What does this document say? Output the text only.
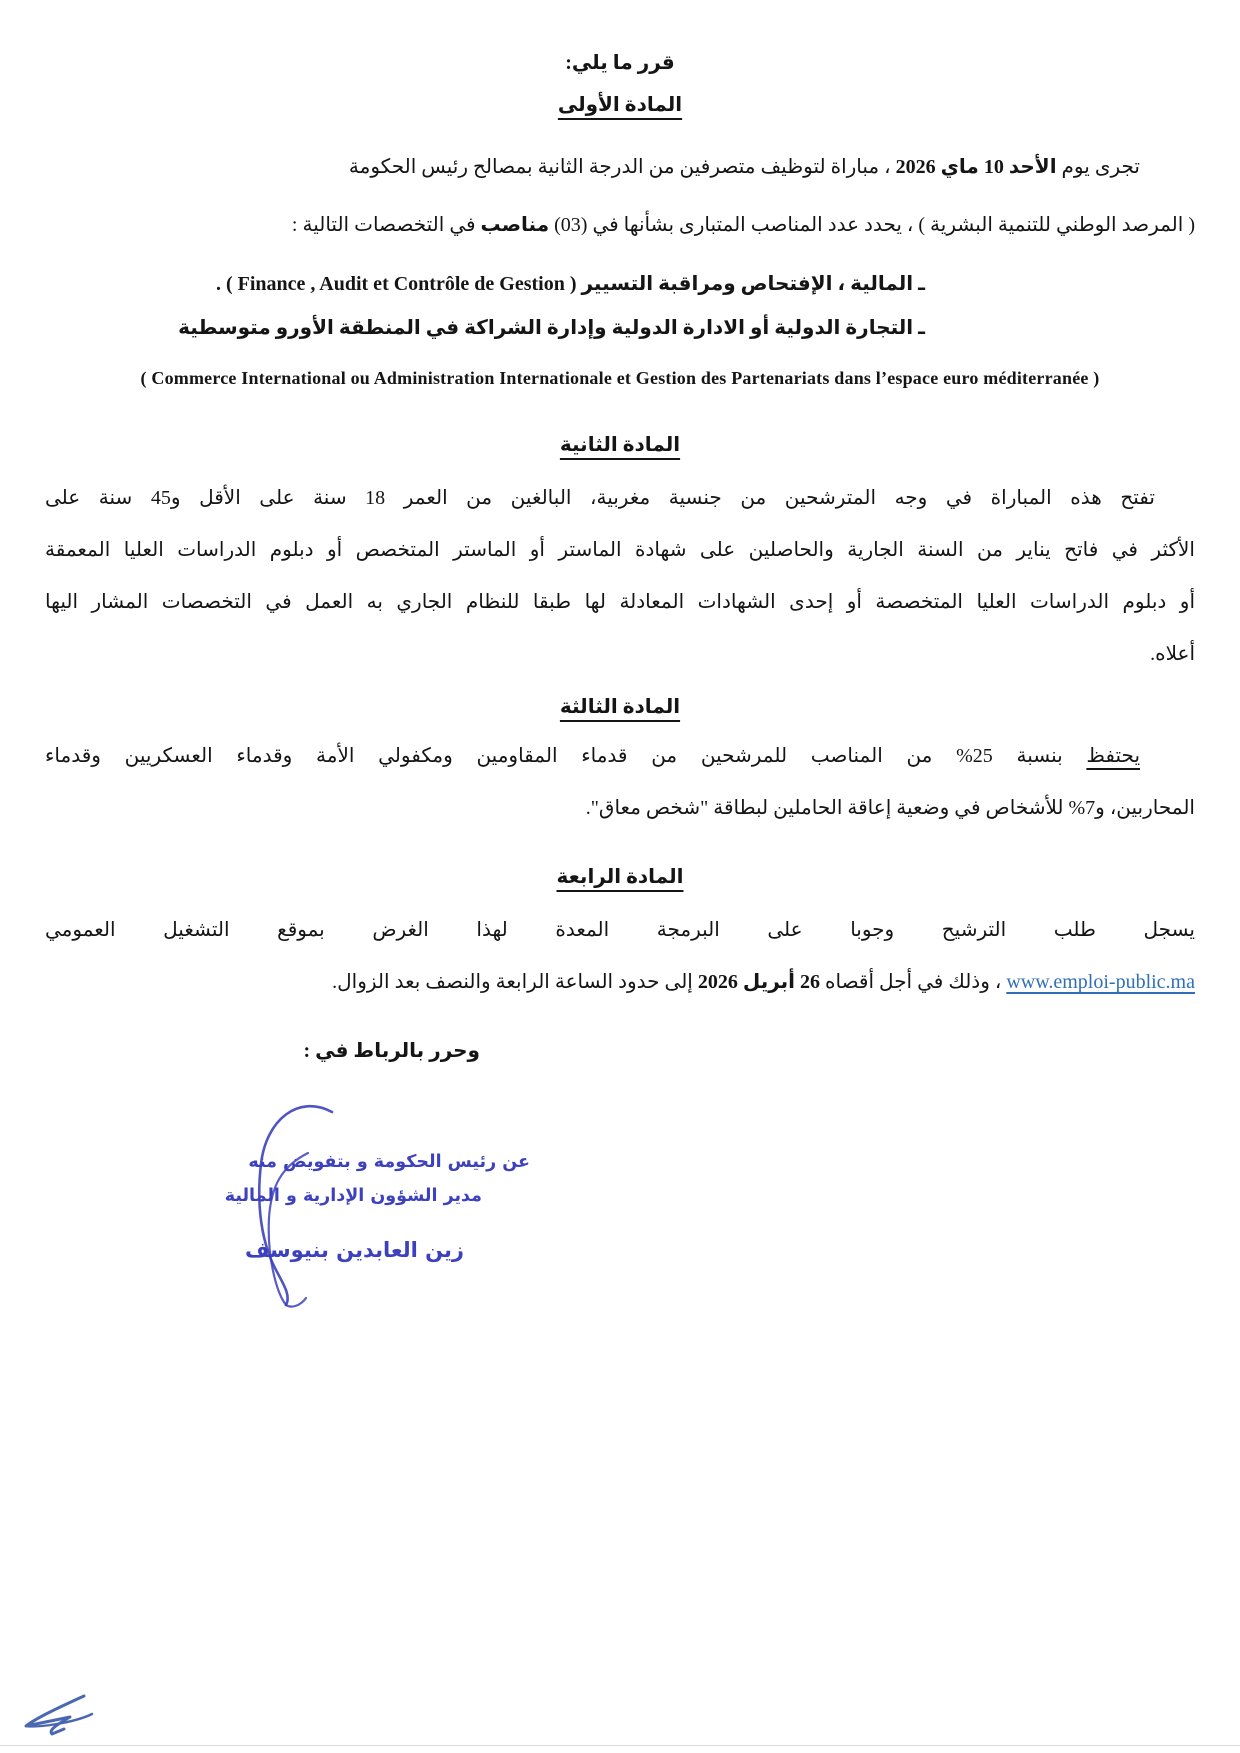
قرر ما يلي:
المادة الأولى

تجرى يوم الأحد 10 ماي 2026 ، مباراة لتوظيف متصرفين من الدرجة الثانية بمصالح رئيس الحكومة

( المرصد الوطني للتنمية البشرية ) ، يحدد عدد المناصب المتبارى بشأنها في (03) مناصب في التخصصات التالية :

ـ المالية ، الإفتحاص ومراقبة التسيير ( Finance , Audit et Contrôle de Gestion ) .
ـ التجارة الدولية أو الادارة الدولية وإدارة الشراكة في المنطقة الأورو متوسطية
( Commerce International ou Administration Internationale et Gestion des Partenariats dans l’espace euro méditerranée )
المادة الثانية

تفتح هذه المباراة في وجه المترشحين من جنسية مغربية، البالغين من العمر 18 سنة على الأقل و45 سنة على

الأكثر في فاتح يناير من السنة الجارية والحاصلين على شهادة الماستر أو الماستر المتخصص أو دبلوم الدراسات العليا المعمقة

أو دبلوم الدراسات العليا المتخصصة أو إحدى الشهادات المعادلة لها طبقا للنظام الجاري به العمل في التخصصات المشار اليها

أعلاه.

المادة الثالثة

يحتفظ بنسبة 25% من المناصب للمرشحين من قدماء المقاومين ومكفولي الأمة وقدماء العسكريين وقدماء

المحاربين، و7% للأشخاص في وضعية إعاقة الحاملين لبطاقة "شخص معاق".

المادة الرابعة

يسجل طلب الترشيح وجوبا على البرمجة المعدة لهذا الغرض بموقع التشغيل العمومي

www.emploi-public.ma ، وذلك في أجل أقصاه 26 أبريل 2026 إلى حدود الساعة الرابعة والنصف بعد الزوال.

وحرر بالرباط في :
عن رئيس الحكومة و بتفويض منه
مدير الشؤون الإدارية و المالية
زين العابدين بنيوسف
